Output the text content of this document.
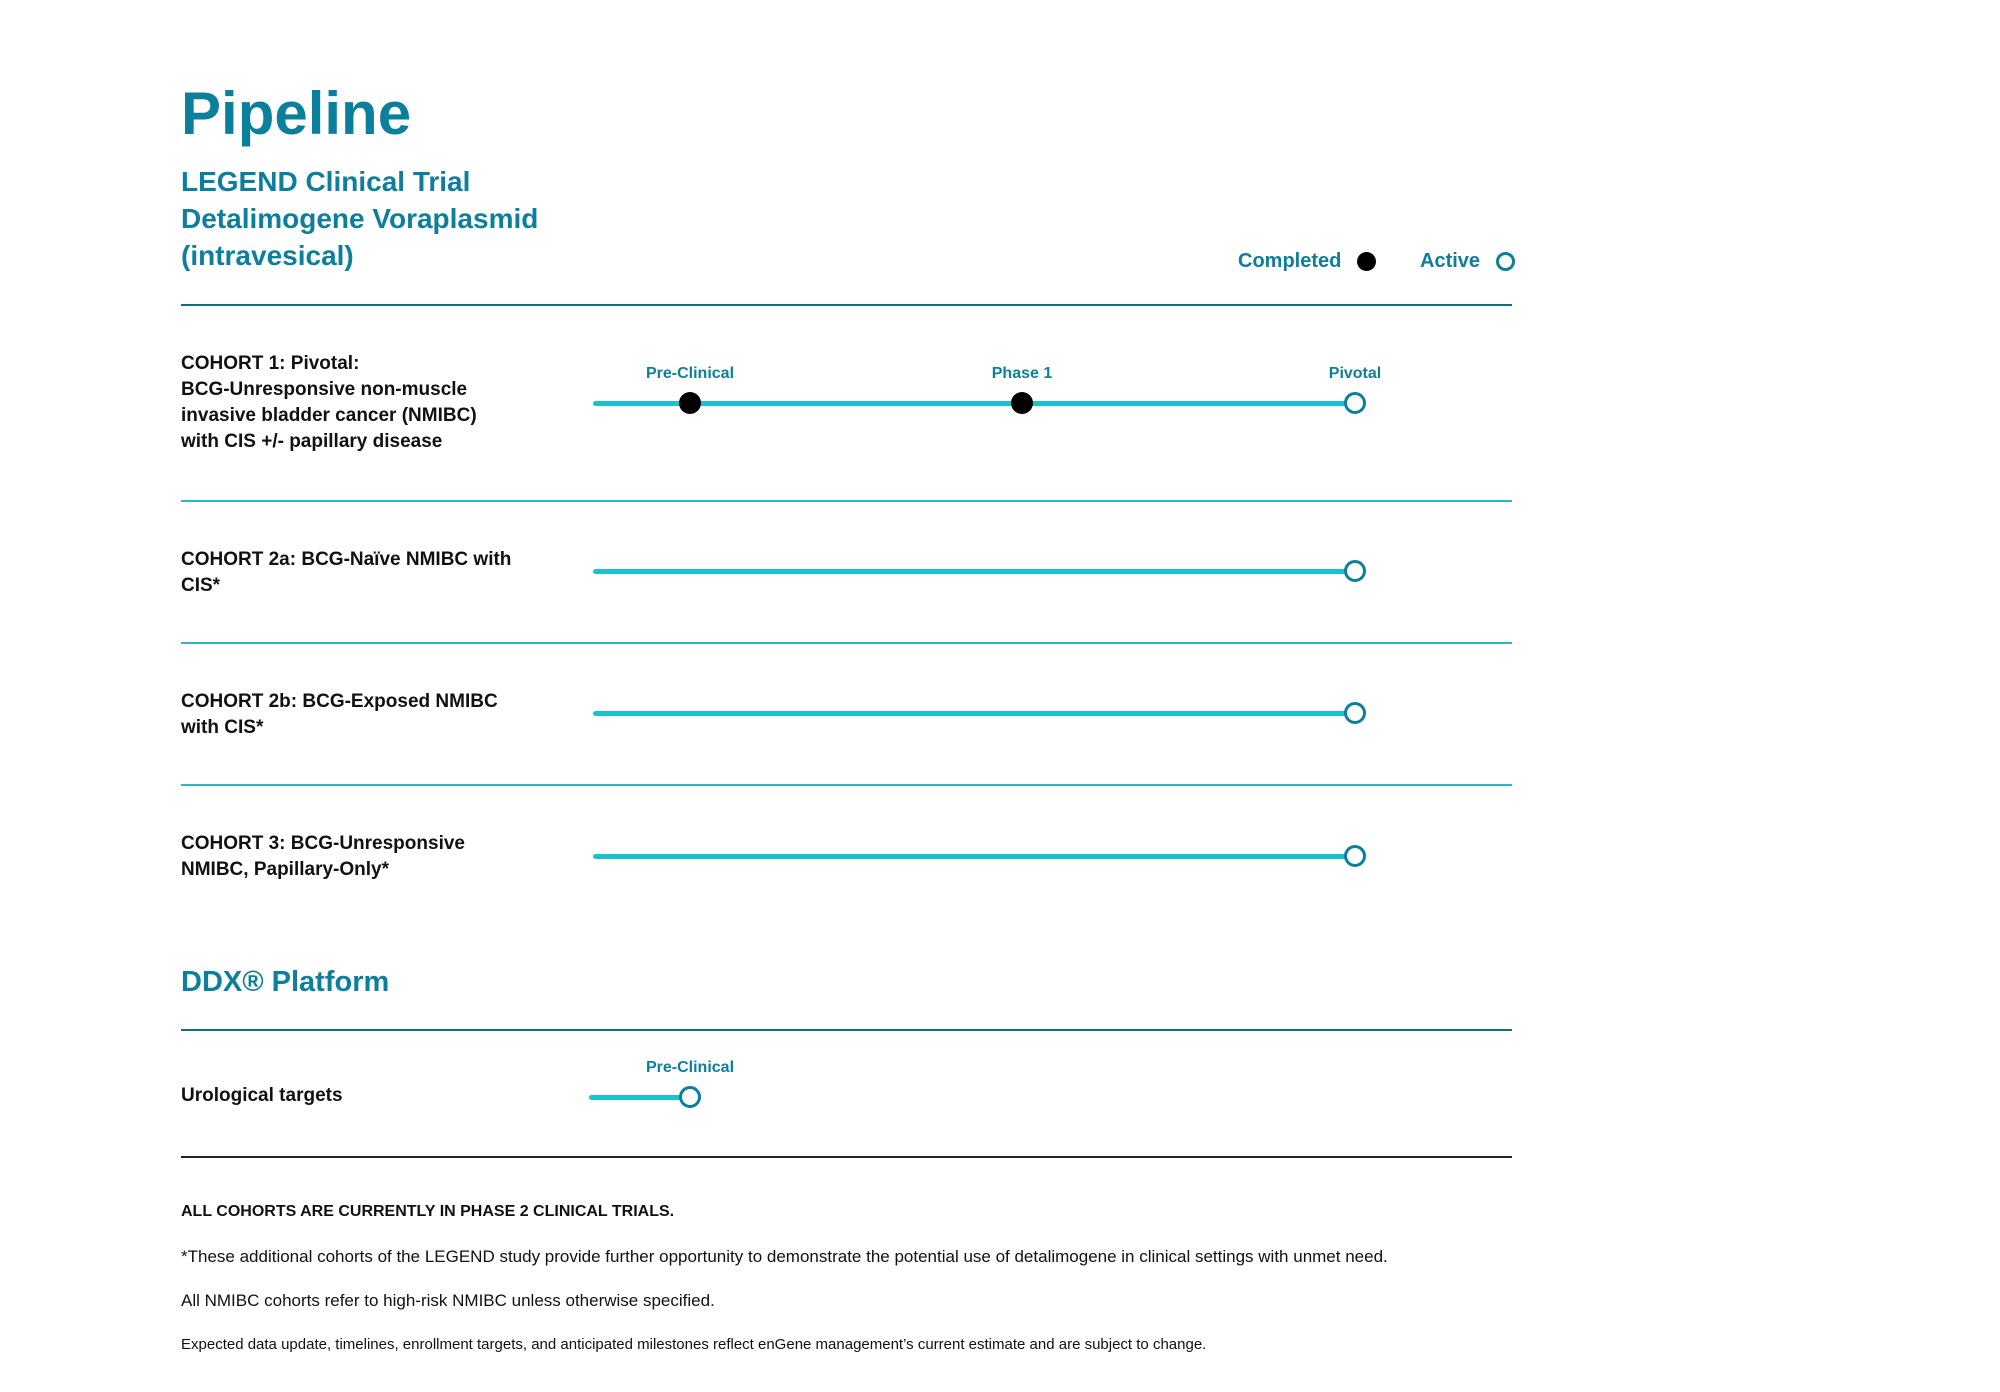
Pipeline
LEGEND Clinical Trial
Detalimogene Voraplasmid
(intravesical)	Completed	Active
COHORT 1: Pivotal:
BCG-Unresponsive non-muscle
invasive bladder cancer (NMIBC)
with CIS +/- papillary disease
COHORT 2a: BCG-Naïve NMIBC with
CIS*
COHORT 2b: BCG-Exposed NMIBC
with CIS*
COHORT 3: BCG-Unresponsive
NMIBC, Papillary-Only*
DDX® Platform
Urological targets
ALL COHORTS ARE CURRENTLY IN PHASE 2 CLINICAL TRIALS.
*These additional cohorts of the LEGEND study provide further opportunity to demonstrate the potential use of detalimogene in clinical settings with unmet need.
All NMIBC cohorts refer to high-risk NMIBC unless otherwise specified.
Expected data update, timelines, enrollment targets, and anticipated milestones reflect enGene management’s current estimate and are subject to change.
Pre-Clinical	Phase 1	Pivotal
Pre-Clinical
